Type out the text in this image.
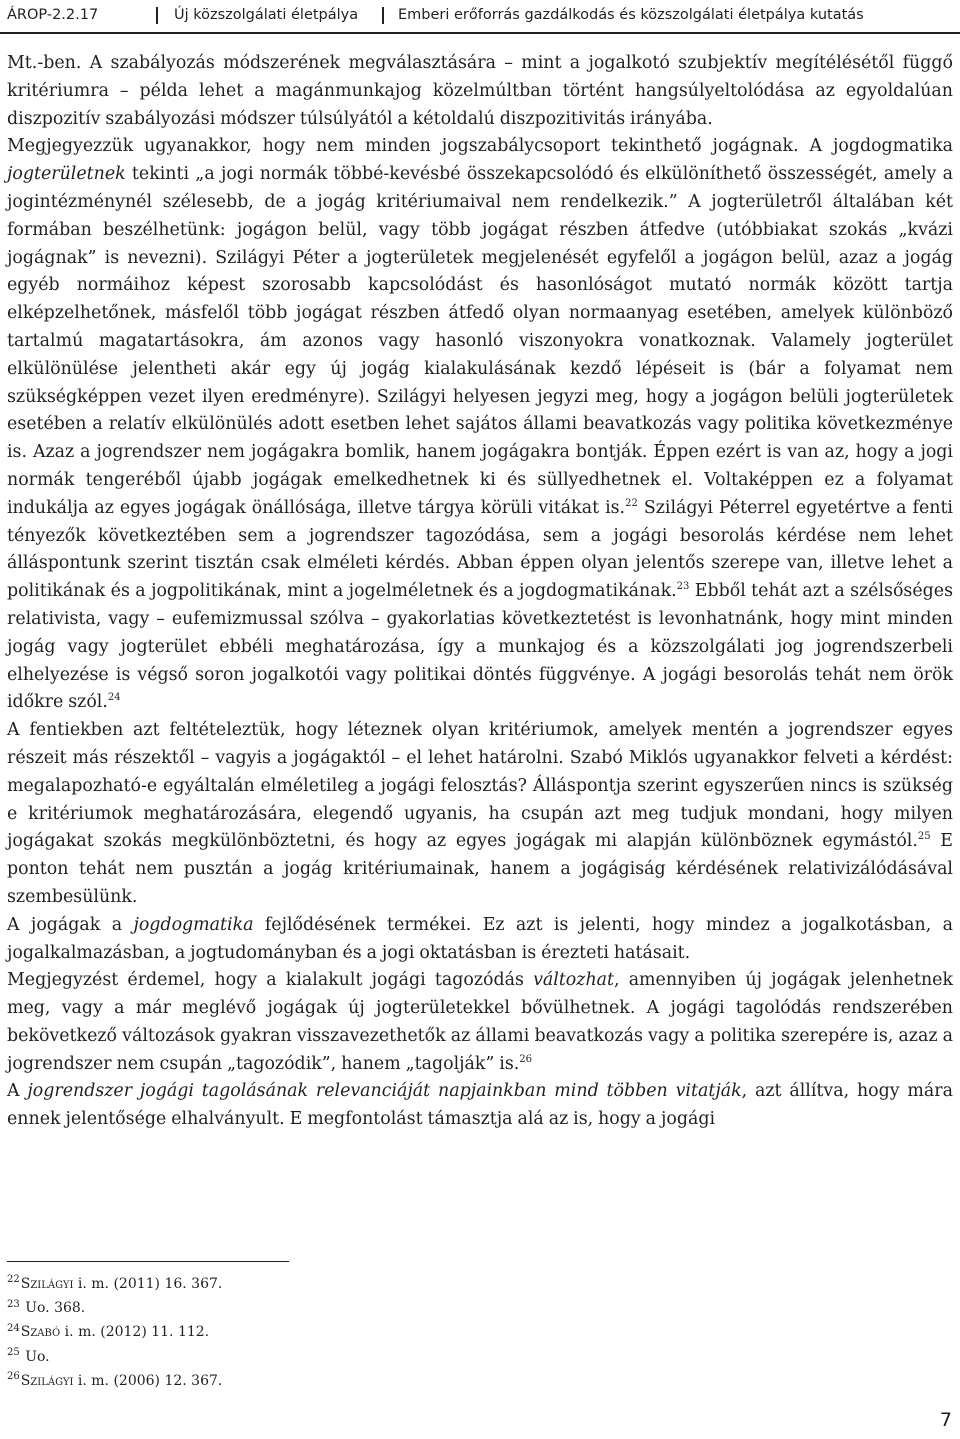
ÁROP-2.2.17	Új közszolgálati életpálya	Emberi erőforrás gazdálkodás és közszolgálati életpálya kutatás

Mt.-ben. A szabályozás módszerének megválasztására – mint a jogalkotó szubjektív megítélésétől függő kritériumra – példa lehet a magánmunkajog közelmúltban történt hangsúlyeltolódása az egyoldalúan diszpozitív szabályozási módszer túlsúlyától a kétoldalú diszpozitivitás irányába.

Megjegyezzük ugyanakkor, hogy nem minden jogszabálycsoport tekinthető jogágnak. A jogdogmatika jogterületnek tekinti „a jogi normák többé-kevésbé összekapcsolódó és elkülöníthető összességét, amely a jogintézménynél szélesebb, de a jogág kritériumaival nem rendelkezik.” A jogterületről általában két formában beszélhetünk: jogágon belül, vagy több jogágat részben átfedve (utóbbiakat szokás „kvázi jogágnak” is nevezni). Szilágyi Péter a jogterületek megjelenését egyfelől a jogágon belül, azaz a jogág egyéb normáihoz képest szorosabb kapcsolódást és hasonlóságot mutató normák között tartja elképzelhetőnek, másfelől több jogágat részben átfedő olyan normaanyag esetében, amelyek különböző tartalmú magatartásokra, ám azonos vagy hasonló viszonyokra vonatkoznak. Valamely jogterület elkülönülése jelentheti akár egy új jogág kialakulásának kezdő lépéseit is (bár a folyamat nem szükségképpen vezet ilyen eredményre). Szilágyi helyesen jegyzi meg, hogy a jogágon belüli jogterületek esetében a relatív elkülönülés adott esetben lehet sajátos állami beavatkozás vagy politika következménye is. Azaz a jogrendszer nem jogágakra bomlik, hanem jogágakra bontják. Éppen ezért is van az, hogy a jogi normák tengeréből újabb jogágak emelkedhetnek ki és süllyedhetnek el. Voltaképpen ez a folyamat indukálja az egyes jogágak önállósága, illetve tárgya körüli vitákat is.$^{22}$ Szilágyi Péterrel egyetértve a fenti tényezők következtében sem a jogrendszer tagozódása, sem a jogági besorolás kérdése nem lehet álláspontunk szerint tisztán csak elméleti kérdés. Abban éppen olyan jelentős szerepe van, illetve lehet a politikának és a jogpolitikának, mint a jogelméletnek és a jogdogmatikának.$^{23}$ Ebből tehát azt a szélsőséges relativista, vagy – eufemizmussal szólva – gyakorlatias következtetést is levonhatnánk, hogy mint minden jogág vagy jogterület ebbéli meghatározása, így a munkajog és a közszolgálati jog jogrendszerbeli elhelyezése is végső soron jogalkotói vagy politikai döntés függvénye. A jogági besorolás tehát nem örök időkre szól.$^{24}$

A fentiekben azt feltételeztük, hogy léteznek olyan kritériumok, amelyek mentén a jogrendszer egyes részeit más részektől – vagyis a jogágaktól – el lehet határolni. Szabó Miklós ugyanakkor felveti a kérdést: megalapozható-e egyáltalán elméletileg a jogági felosztás? Álláspontja szerint egyszerűen nincs is szükség e kritériumok meghatározására, elegendő ugyanis, ha csupán azt meg tudjuk mondani, hogy milyen jogágakat szokás megkülönböztetni, és hogy az egyes jogágak mi alapján különböznek egymástól.$^{25}$ E ponton tehát nem pusztán a jogág kritériumainak, hanem a jogágiság kérdésének relativizálódásával szembesülünk.

A jogágak a jogdogmatika fejlődésének termékei. Ez azt is jelenti, hogy mindez a jogalkotásban, a jogalkalmazásban, a jogtudományban és a jogi oktatásban is érezteti hatásait.

Megjegyzést érdemel, hogy a kialakult jogági tagozódás változhat, amennyiben új jogágak jelenhetnek meg, vagy a már meglévő jogágak új jogterületekkel bővülhetnek. A jogági tagolódás rendszerében bekövetkező változások gyakran visszavezethetők az állami beavatkozás vagy a politika szerepére is, azaz a jogrendszer nem csupán „tagozódik”, hanem „tagolják” is.$^{26}$

A jogrendszer jogági tagolásának relevanciáját napjainkban mind többen vitatják, azt állítva, hogy mára ennek jelentősége elhalványult. E megfontolást támasztja alá az is, hogy a jogági

$^{22}$Szilágyi i. m. (2011) 16. 367.
$^{23}$ Uo. 368.
$^{24}$Szabó i. m. (2012) 11. 112.
$^{25}$ Uo.
$^{26}$Szilágyi i. m. (2006) 12. 367.
7
